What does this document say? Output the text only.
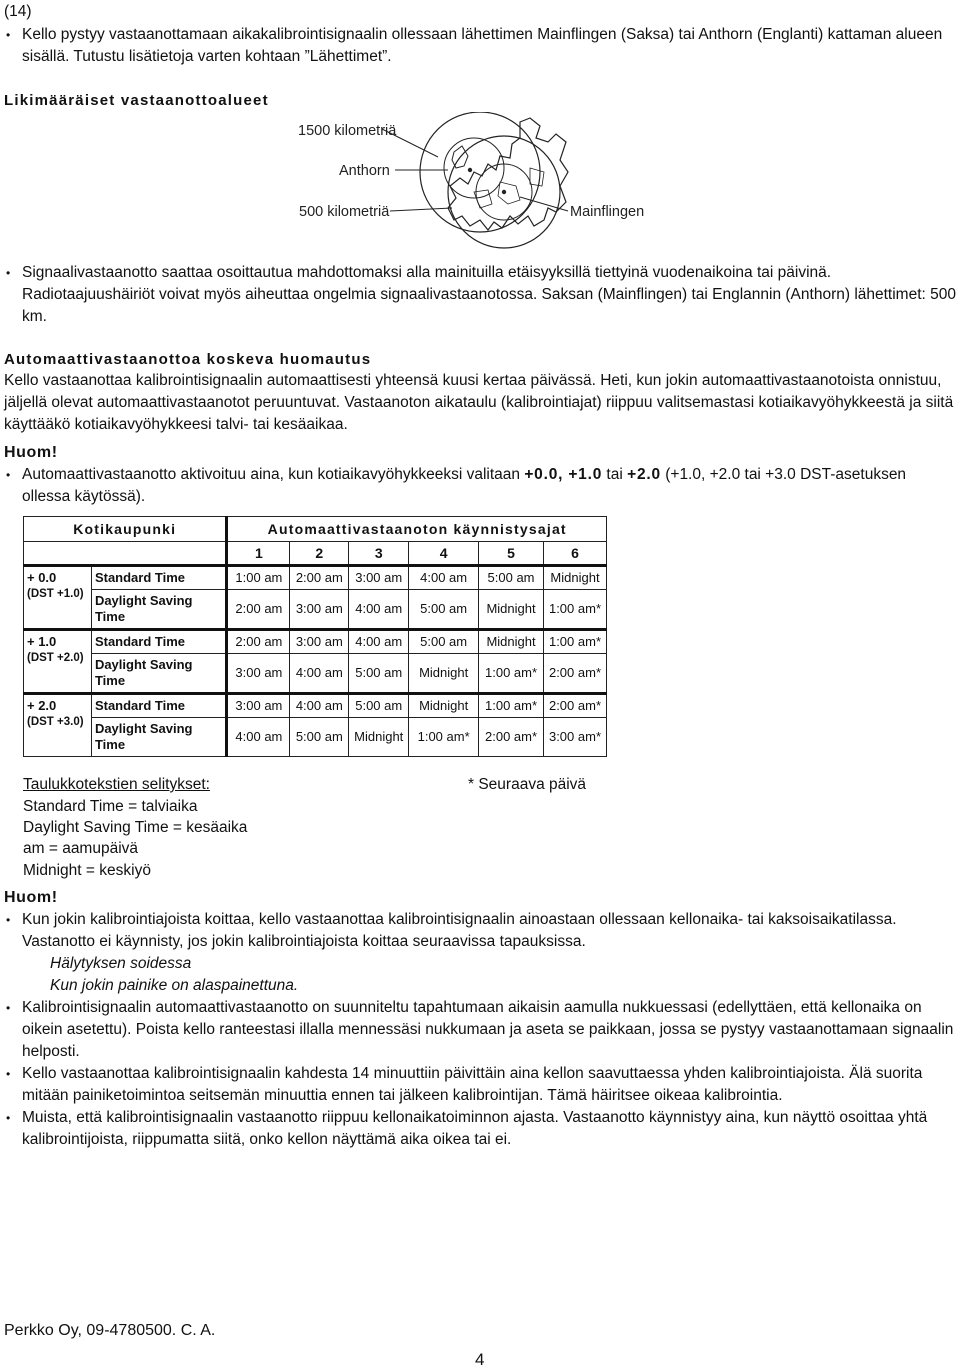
(14)
• Kello pystyy vastaanottamaan aikakalibrointisignaalin ollessaan lähettimen Mainflingen (Saksa) tai Anthorn (Englanti) kattaman alueen sisällä. Tutustu lisätietoja varten kohtaan ”Lähettimet”.
Likimääräiset vastaanottoalueet
1500 kilometriä
Anthorn
500 kilometriä	Mainflingen
• Signaalivastaanotto saattaa osoittautua mahdottomaksi alla mainituilla etäisyyksillä tiettyinä vuodenaikoina tai päivinä. Radiotaajuushäiriöt voivat myös aiheuttaa ongelmia signaalivastaanotossa. Saksan (Mainflingen) tai Englannin (Anthorn) lähettimet: 500 km.
Automaattivastaanottoa koskeva huomautus
Kello vastaanottaa kalibrointisignaalin automaattisesti yhteensä kuusi kertaa päivässä. Heti, kun jokin automaattivastaanotoista onnistuu, jäljellä olevat automaattivastaanotot peruuntuvat. Vastaanoton aikataulu (kalibrointiajat) riippuu valitsemastasi kotiaikavyöhykkeestä ja siitä käyttääkö kotiaikavyöhykkeesi talvi- tai kesäaikaa.
Huom!
• Automaattivastaanotto aktivoituu aina, kun kotiaikavyöhykkeeksi valitaan +0.0, +1.0 tai +2.0 (+1.0, +2.0 tai +3.0 DST-asetuksen ollessa käytössä).
Kotikaupunki		Automaattivastaanoton käynnistysajat					
		1	2	3	4	5	6

+ 0.0
(DST +1.0)	Standard Time	1:00 am	2:00 am	3:00 am	4:00 am	5:00 am	Midnight
	Daylight Saving Time	2:00 am	3:00 am	4:00 am	5:00 am	Midnight	1:00 am*

+ 1.0
(DST +2.0)	Standard Time	2:00 am	3:00 am	4:00 am	5:00 am	Midnight	1:00 am*
	Daylight Saving Time	3:00 am	4:00 am	5:00 am	Midnight	1:00 am*	2:00 am*

+ 2.0
(DST +3.0)	Standard Time	3:00 am	4:00 am	5:00 am	Midnight	1:00 am*	2:00 am*
	Daylight Saving Time	4:00 am	5:00 am	Midnight	1:00 am*	2:00 am*	3:00 am*
Taulukkotekstien selitykset:	* Seuraava päivä
Standard Time = talviaika
Daylight Saving Time = kesäaika
am = aamupäivä
Midnight = keskiyö
Huom!
• Kun jokin kalibrointiajoista koittaa, kello vastaanottaa kalibrointisignaalin ainoastaan ollessaan kellonaika- tai kaksoisaikatilassa. Vastanotto ei käynnisty, jos jokin kalibrointiajoista koittaa seuraavissa tapauksissa.
Hälytyksen soidessa
Kun jokin painike on alaspainettuna.
• Kalibrointisignaalin automaattivastaanotto on suunniteltu tapahtumaan aikaisin aamulla nukkuessasi (edellyttäen, että kellonaika on oikein asetettu). Poista kello ranteestasi illalla mennessäsi nukkumaan ja aseta se paikkaan, jossa se pystyy vastaanottamaan signaalin helposti.
• Kello vastaanottaa kalibrointisignaalin kahdesta 14 minuuttiin päivittäin aina kellon saavuttaessa yhden kalibrointiajoista. Älä suorita mitään painiketoimintoa seitsemän minuuttia ennen tai jälkeen kalibrointijan. Tämä häiritsee oikeaa kalibrointia.
• Muista, että kalibrointisignaalin vastaanotto riippuu kellonaikatoiminnon ajasta. Vastaanotto käynnistyy aina, kun näyttö osoittaa yhtä kalibrointijoista, riippumatta siitä, onko kellon näyttämä aika oikea tai ei.
Perkko Oy, 09-4780500. C. A.
4
